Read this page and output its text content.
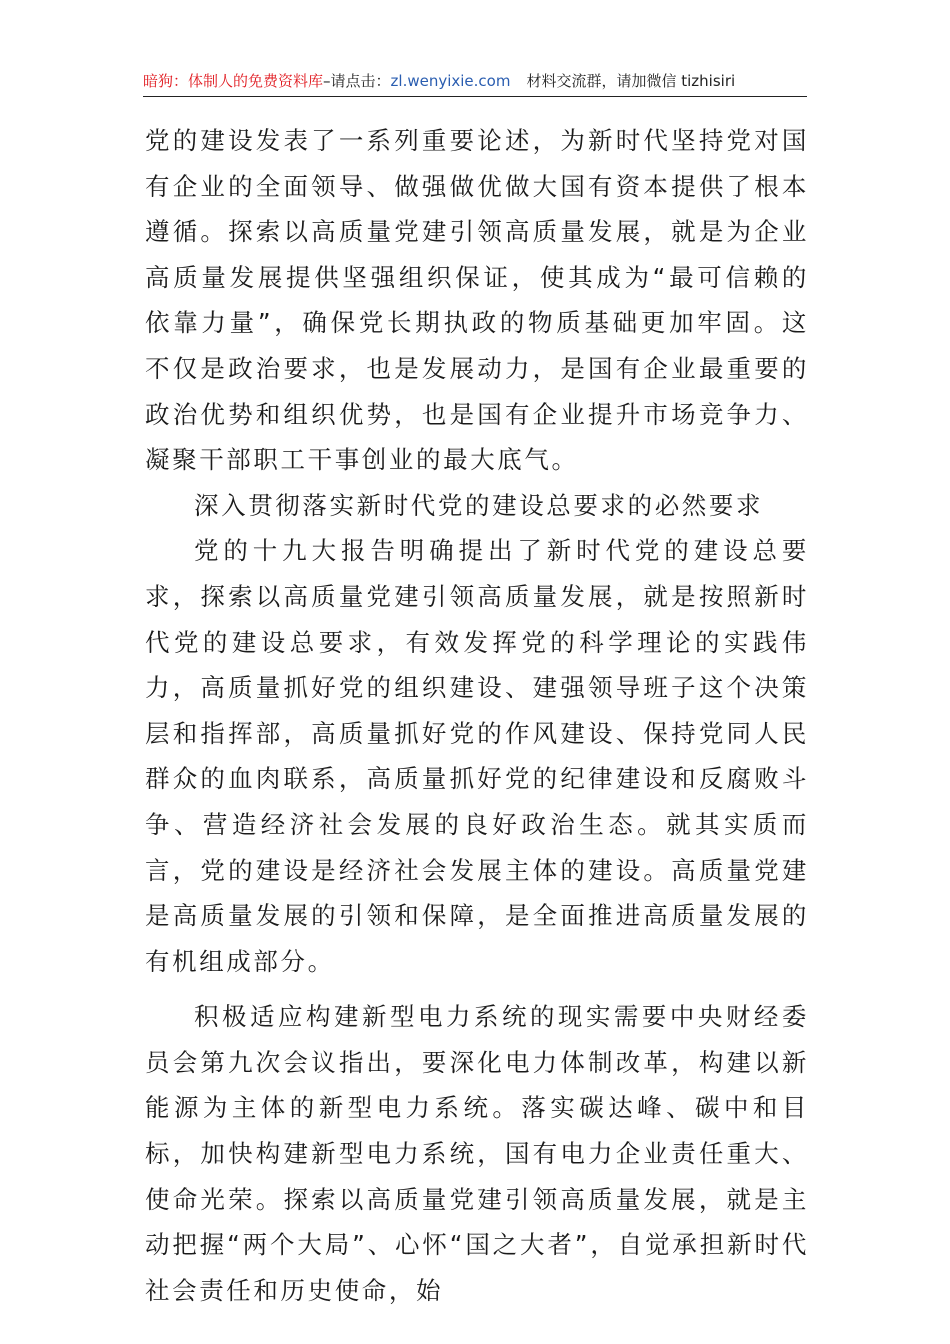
暗狗：体制人的免费资料库–请点击：zl.wenyixie.com 材料交流群，请加微信 tizhisiri

党的建设发表了一系列重要论述，为新时代坚持党对国有企业的全面领导、做强做优做大国有资本提供了根本遵循。探索以高质量党建引领高质量发展，就是为企业高质量发展提供坚强组织保证，使其成为“最可信赖的依靠力量”，确保党长期执政的物质基础更加牢固。这不仅是政治要求，也是发展动力，是国有企业最重要的政治优势和组织优势，也是国有企业提升市场竞争力、凝聚干部职工干事创业的最大底气。

深入贯彻落实新时代党的建设总要求的必然要求

党的十九大报告明确提出了新时代党的建设总要求，探索以高质量党建引领高质量发展，就是按照新时代党的建设总要求，有效发挥党的科学理论的实践伟力，高质量抓好党的组织建设、建强领导班子这个决策层和指挥部，高质量抓好党的作风建设、保持党同人民群众的血肉联系，高质量抓好党的纪律建设和反腐败斗争、营造经济社会发展的良好政治生态。就其实质而言，党的建设是经济社会发展主体的建设。高质量党建是高质量发展的引领和保障，是全面推进高质量发展的有机组成部分。

积极适应构建新型电力系统的现实需要中央财经委员会第九次会议指出，要深化电力体制改革，构建以新能源为主体的新型电力系统。落实碳达峰、碳中和目标，加快构建新型电力系统，国有电力企业责任重大、使命光荣。探索以高质量党建引领高质量发展，就是主动把握“两个大局”、心怀“国之大者”，自觉承担新时代社会责任和历史使命，始
